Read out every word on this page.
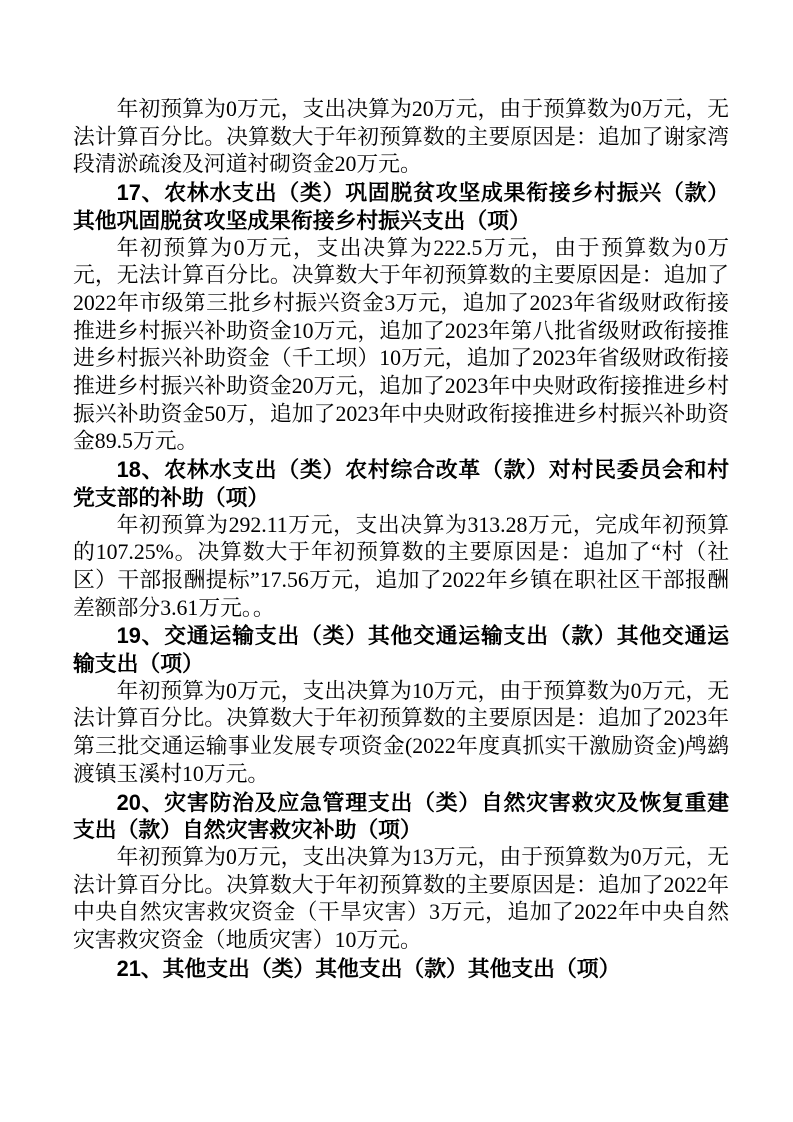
年初预算为0万元，支出决算为20万元，由于预算数为0万元，无法计算百分比。决算数大于年初预算数的主要原因是：追加了谢家湾段清淤疏浚及河道衬砌资金20万元。

17、农林水支出（类）巩固脱贫攻坚成果衔接乡村振兴（款）其他巩固脱贫攻坚成果衔接乡村振兴支出（项）

年初预算为0万元，支出决算为222.5万元，由于预算数为0万元，无法计算百分比。决算数大于年初预算数的主要原因是：追加了2022年市级第三批乡村振兴资金3万元，追加了2023年省级财政衔接推进乡村振兴补助资金10万元，追加了2023年第八批省级财政衔接推进乡村振兴补助资金（千工坝）10万元，追加了2023年省级财政衔接推进乡村振兴补助资金20万元，追加了2023年中央财政衔接推进乡村振兴补助资金50万，追加了2023年中央财政衔接推进乡村振兴补助资金89.5万元。

18、农林水支出（类）农村综合改革（款）对村民委员会和村党支部的补助（项）

年初预算为292.11万元，支出决算为313.28万元，完成年初预算的107.25%。决算数大于年初预算数的主要原因是：追加了“村（社区）干部报酬提标”17.56万元，追加了2022年乡镇在职社区干部报酬差额部分3.61万元。。

19、交通运输支出（类）其他交通运输支出（款）其他交通运输支出（项）

年初预算为0万元，支出决算为10万元，由于预算数为0万元，无法计算百分比。决算数大于年初预算数的主要原因是：追加了2023年第三批交通运输事业发展专项资金(2022年度真抓实干激励资金)鸬鹚渡镇玉溪村10万元。

20、灾害防治及应急管理支出（类）自然灾害救灾及恢复重建支出（款）自然灾害救灾补助（项）

年初预算为0万元，支出决算为13万元，由于预算数为0万元，无法计算百分比。决算数大于年初预算数的主要原因是：追加了2022年中央自然灾害救灾资金（干旱灾害）3万元，追加了2022年中央自然灾害救灾资金（地质灾害）10万元。

21、其他支出（类）其他支出（款）其他支出（项）
